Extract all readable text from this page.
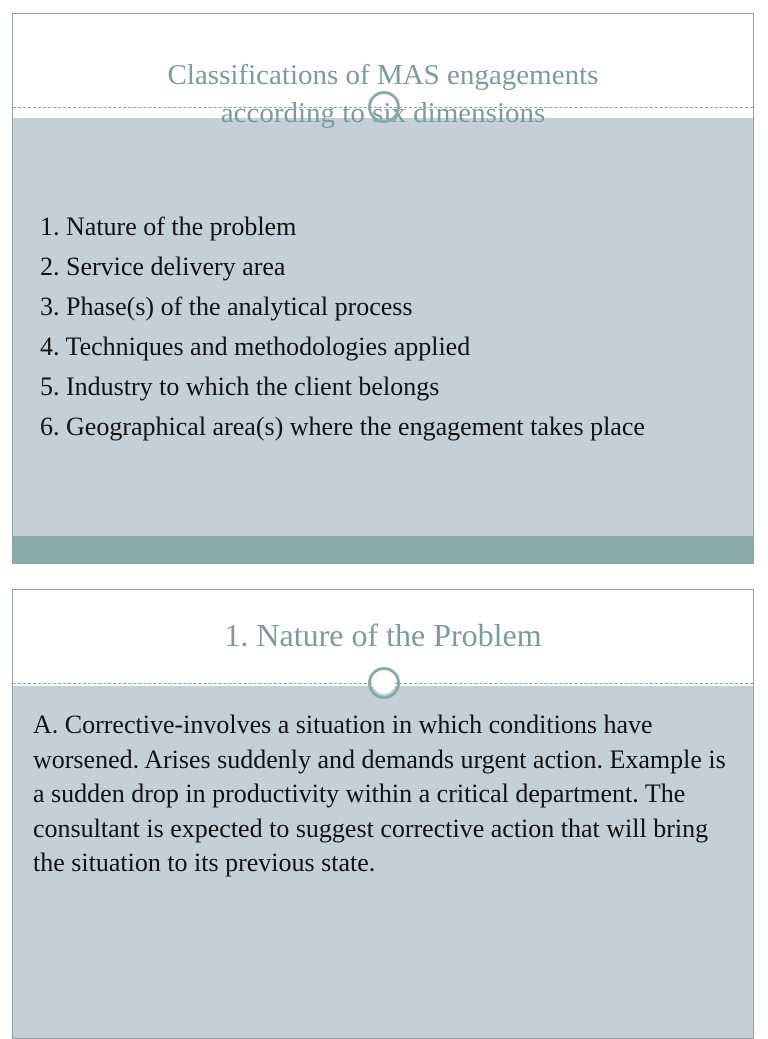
Classifications of MAS engagements
according to six dimensions
1. Nature of the problem
2. Service delivery area
3. Phase(s) of the analytical process
4. Techniques and methodologies applied
5. Industry to which the client belongs
6. Geographical area(s) where the engagement takes place
1. Nature of the Problem

A. Corrective-involves a situation in which conditions have worsened. Arises suddenly and demands urgent action. Example is a sudden drop in productivity within a critical department. The consultant is expected to suggest corrective action that will bring the situation to its previous state.
